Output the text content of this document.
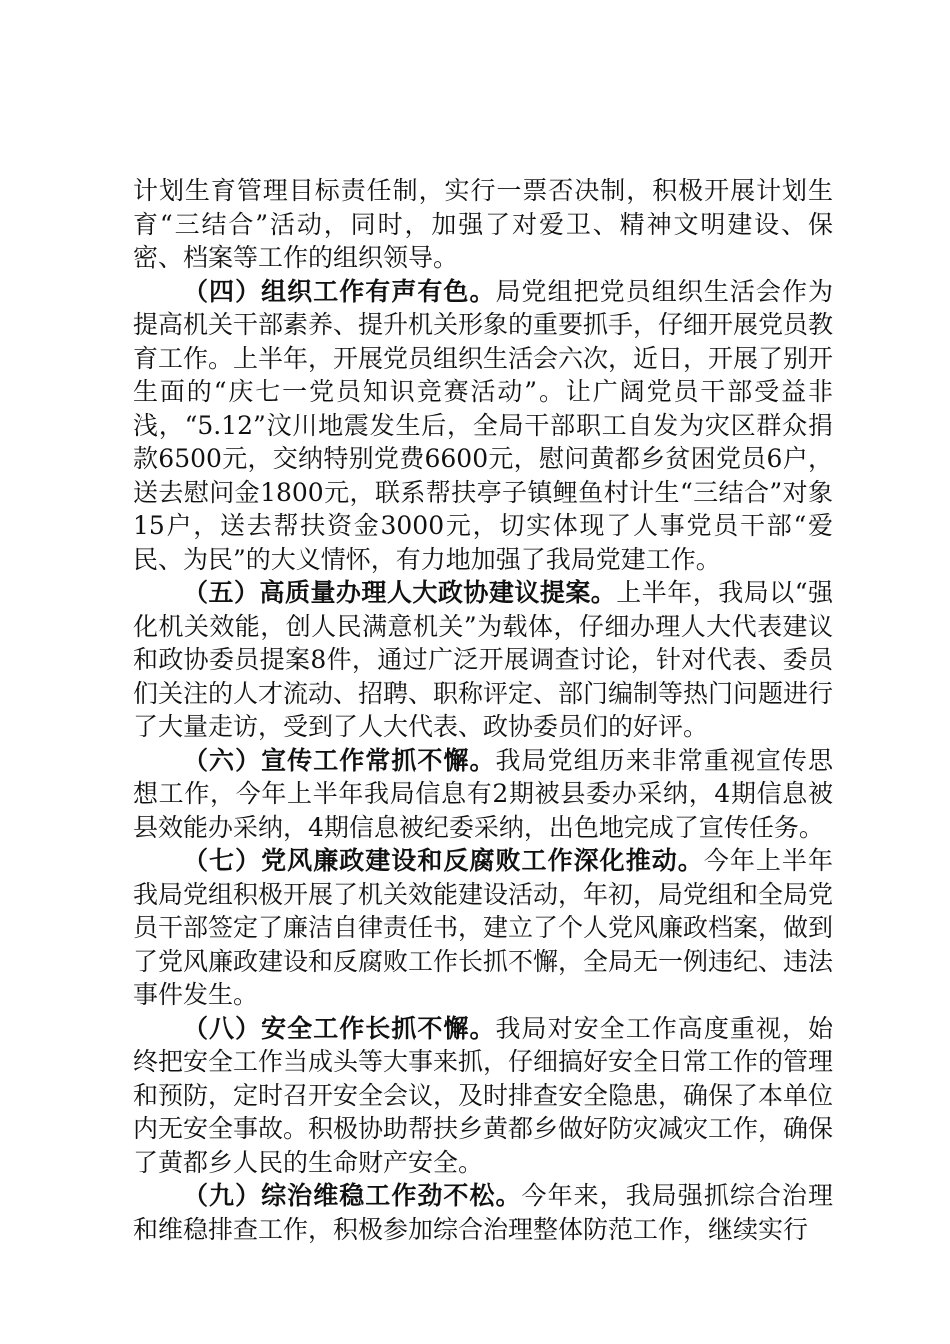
计划生育管理目标责任制，实行一票否决制，积极开展计划生育“三结合”活动，同时，加强了对爱卫、精神文明建设、保密、档案等工作的组织领导。

（四）组织工作有声有色。局党组把党员组织生活会作为提高机关干部素养、提升机关形象的重要抓手，仔细开展党员教育工作。上半年，开展党员组织生活会六次，近日，开展了别开生面的“庆七一党员知识竞赛活动”。让广阔党员干部受益非浅，“5.12”汶川地震发生后，全局干部职工自发为灾区群众捐款6500元，交纳特别党费6600元，慰问黄都乡贫困党员6户，送去慰问金1800元，联系帮扶亭子镇鲤鱼村计生“三结合”对象15户，送去帮扶资金3000元，切实体现了人事党员干部“爱民、为民”的大义情怀，有力地加强了我局党建工作。

（五）高质量办理人大政协建议提案。上半年，我局以“强化机关效能，创人民满意机关”为载体，仔细办理人大代表建议和政协委员提案8件，通过广泛开展调查讨论，针对代表、委员们关注的人才流动、招聘、职称评定、部门编制等热门问题进行了大量走访，受到了人大代表、政协委员们的好评。

（六）宣传工作常抓不懈。我局党组历来非常重视宣传思想工作，今年上半年我局信息有2期被县委办采纳，4期信息被县效能办采纳，4期信息被纪委采纳，出色地完成了宣传任务。

（七）党风廉政建设和反腐败工作深化推动。今年上半年我局党组积极开展了机关效能建设活动，年初，局党组和全局党员干部签定了廉洁自律责任书，建立了个人党风廉政档案，做到了党风廉政建设和反腐败工作长抓不懈，全局无一例违纪、违法事件发生。

（八）安全工作长抓不懈。我局对安全工作高度重视，始终把安全工作当成头等大事来抓，仔细搞好安全日常工作的管理和预防，定时召开安全会议，及时排查安全隐患，确保了本单位内无安全事故。积极协助帮扶乡黄都乡做好防灾减灾工作，确保了黄都乡人民的生命财产安全。

（九）综治维稳工作劲不松。今年来，我局强抓综合治理和维稳排查工作，积极参加综合治理整体防范工作，继续实行
